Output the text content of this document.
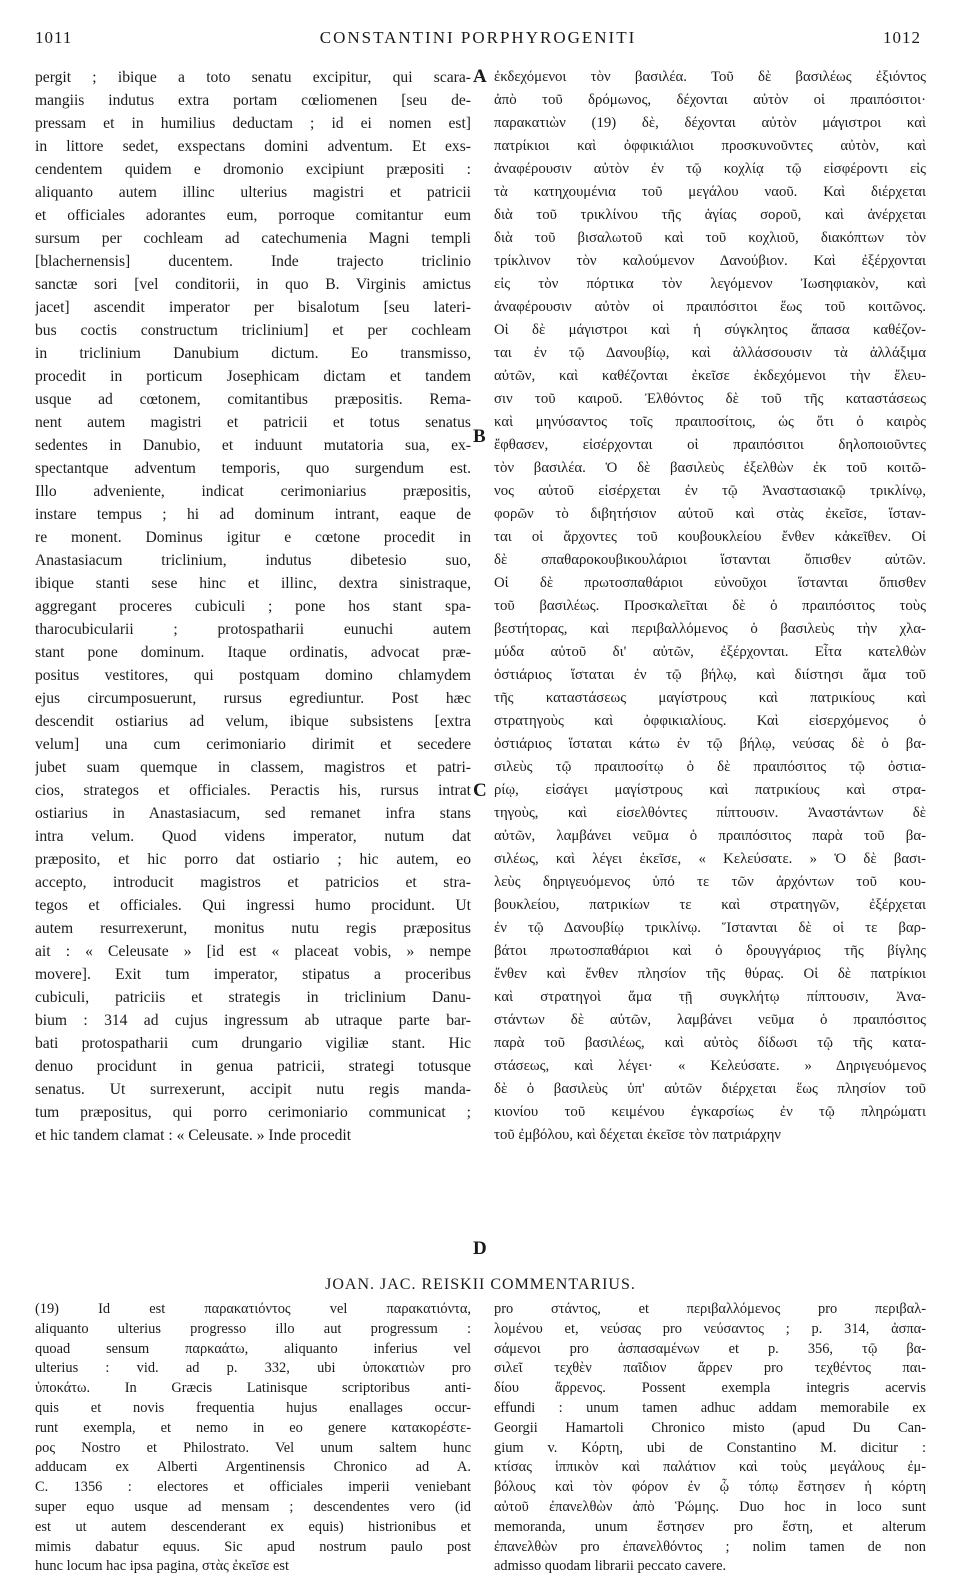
1011	CONSTANTINI PORPHYROGENITI	1012
pergit ; ibique a toto senatu excipitur, qui scara-
mangiis indutus extra portam cœliomenen [seu de-
pressam et in humilius deductam ; id ei nomen est]
in littore sedet, exspectans domini adventum. Et exs-
cendentem quidem e dromonio excipiunt præpositi :
aliquanto autem illinc ulterius magistri et patricii
et officiales adorantes eum, porroque comitantur eum
sursum per cochleam ad catechumenia Magni templi
[blachernensis] ducentem. Inde trajecto triclinio
sanctæ sori [vel conditorii, in quo B. Virginis amictus
jacet] ascendit imperator per bisalotum [seu lateri-
bus coctis constructum triclinium] et per cochleam
in triclinium Danubium dictum. Eo transmisso,
procedit in porticum Josephicam dictam et tandem
usque ad cœtonem, comitantibus præpositis. Rema-
nent autem magistri et patricii et totus senatus
sedentes in Danubio, et induunt mutatoria sua, ex-
spectantque adventum temporis, quo surgendum est.
Illo adveniente, indicat cerimoniarius præpositis,
instare tempus ; hi ad dominum intrant, eaque de
re monent. Dominus igitur e cœtone procedit in
Anastasiacum triclinium, indutus dibetesio suo,
ibique stanti sese hinc et illinc, dextra sinistraque,
aggregant proceres cubiculi ; pone hos stant spa-
tharocubicularii ; protospatharii eunuchi autem
stant pone dominum. Itaque ordinatis, advocat præ-
positus vestitores, qui postquam domino chlamydem
ejus circumposuerunt, rursus egrediuntur. Post hæc
descendit ostiarius ad velum, ibique subsistens [extra
velum] una cum cerimoniario dirimit et secedere
jubet suam quemque in classem, magistros et patri-
cios, strategos et officiales. Peractis his, rursus intrat
ostiarius in Anastasiacum, sed remanet infra stans
intra velum. Quod videns imperator, nutum dat
præposito, et hic porro dat ostiario ; hic autem, eo
accepto, introducit magistros et patricios et stra-
tegos et officiales. Qui ingressi humo procidunt. Ut
autem resurrexerunt, monitus nutu regis præpositus
ait : « Celeusate » [id est « placeat vobis, » nempe
movere]. Exit tum imperator, stipatus a proceribus
cubiculi, patriciis et strategis in triclinium Danu-
bium : 314 ad cujus ingressum ab utraque parte bar-
bati protospatharii cum drungario vigiliæ stant. Hic
denuo procidunt in genua patricii, strategi totusque
senatus. Ut surrexerunt, accipit nutu regis manda-
tum præpositus, qui porro cerimoniario communicat ;
et hic tandem clamat : « Celeusate. » Inde procedit
ἐκδεχόμενοι τὸν βασιλέα. Τοῦ δὲ βασιλέως ἐξιόντος
ἀπὸ τοῦ δρόμωνος, δέχονται αὐτὸν οἱ πραιπόσιτοι·
παρακατιὼν (19) δὲ, δέχονται αὐτὸν μάγιστροι καὶ
πατρίκιοι καὶ ὀφφικιάλιοι προσκυνοῦντες αὐτὸν, καὶ
ἀναφέρουσιν αὐτὸν ἐν τῷ κοχλίᾳ τῷ εἰσφέροντι εἰς
τὰ κατηχουμένια τοῦ μεγάλου ναοῦ. Καὶ διέρχεται
διὰ τοῦ τρικλίνου τῆς ἁγίας σοροῦ, καὶ ἀνέρχεται
διὰ τοῦ βισαλωτοῦ καὶ τοῦ κοχλιοῦ, διακόπτων τὸν
τρίκλινον τὸν καλούμενον Δανούβιον. Καὶ ἐξέρχονται
εἰς τὸν πόρτικα τὸν λεγόμενον Ἰωσηφιακὸν, καὶ
ἀναφέρουσιν αὐτὸν οἱ πραιπόσιτοι ἕως τοῦ κοιτῶνος.
Οἱ δὲ μάγιστροι καὶ ἡ σύγκλητος ἅπασα καθέζον-
ται ἐν τῷ Δανουβίῳ, καὶ ἀλλάσσουσιν τὰ ἀλλάξιμα
αὐτῶν, καὶ καθέζονται ἐκεῖσε ἐκδεχόμενοι τὴν ἔλευ-
σιν τοῦ καιροῦ. Ἐλθόντος δὲ τοῦ τῆς καταστάσεως
καὶ μηνύσαντος τοῖς πραιποσίτοις, ὡς ὅτι ὁ καιρὸς
ἔφθασεν, εἰσέρχονται οἱ πραιπόσιτοι δηλοποιοῦντες
τὸν βασιλέα. Ὁ δὲ βασιλεὺς ἐξελθὼν ἐκ τοῦ κοιτῶ-
νος αὐτοῦ εἰσέρχεται ἐν τῷ Ἀναστασιακῷ τρικλίνῳ,
φορῶν τὸ διβητήσιον αὐτοῦ καὶ στὰς ἐκεῖσε, ἵσταν-
ται οἱ ἄρχοντες τοῦ κουβουκλείου ἔνθεν κἀκεῖθεν. Οἱ
δὲ σπαθαροκουβικουλάριοι ἵστανται ὄπισθεν αὐτῶν.
Οἱ δὲ πρωτοσπαθάριοι εὐνοῦχοι ἵστανται ὄπισθεν
τοῦ βασιλέως. Προσκαλεῖται δὲ ὁ πραιπόσιτος τοὺς
βεστήτορας, καὶ περιβαλλόμενος ὁ βασιλεὺς τὴν χλα-
μύδα αὐτοῦ δι' αὐτῶν, ἐξέρχονται. Εἶτα κατελθὼν
ὀστιάριος ἵσταται ἐν τῷ βήλῳ, καὶ διίστησι ἅμα τοῦ
τῆς καταστάσεως μαγίστρους καὶ πατρικίους καὶ
στρατηγοὺς καὶ ὀφφικιαλίους. Καὶ εἰσερχόμενος ὁ
ὀστιάριος ἵσταται κάτω ἐν τῷ βήλῳ, νεύσας δὲ ὁ βα-
σιλεὺς τῷ πραιποσίτῳ ὁ δὲ πραιπόσιτος τῷ ὀστια-
ρίῳ, εἰσάγει μαγίστρους καὶ πατρικίους καὶ στρα-
τηγοὺς, καὶ εἰσελθόντες πίπτουσιν. Ἀναστάντων δὲ
αὐτῶν, λαμβάνει νεῦμα ὁ πραιπόσιτος παρὰ τοῦ βα-
σιλέως, καὶ λέγει ἐκεῖσε, « Κελεύσατε. » Ὁ δὲ βασι-
λεὺς δηριγευόμενος ὑπό τε τῶν ἀρχόντων τοῦ κου-
βουκλείου, πατρικίων τε καὶ στρατηγῶν, ἐξέρχεται
ἐν τῷ Δανουβίῳ τρικλίνῳ. Ἵστανται δὲ οἱ τε βαρ-
βάτοι πρωτοσπαθάριοι καὶ ὁ δρουγγάριος τῆς βίγλης
ἔνθεν καὶ ἔνθεν πλησίον τῆς θύρας. Οἱ δὲ πατρίκιοι
καὶ στρατηγοὶ ἅμα τῇ συγκλήτῳ πίπτουσιν, Ἀνα-
στάντων δὲ αὐτῶν, λαμβάνει νεῦμα ὁ πραιπόσιτος
παρὰ τοῦ βασιλέως, καὶ αὐτὸς δίδωσι τῷ τῆς κατα-
στάσεως, καὶ λέγει· « Κελεύσατε. » Δηριγευόμενος
δὲ ὁ βασιλεὺς ὑπ' αὐτῶν διέρχεται ἕως πλησίον τοῦ
κιονίου τοῦ κειμένου ἐγκαρσίως ἐν τῷ πληρώματι
τοῦ ἐμβόλου, καὶ δέχεται ἐκεῖσε τὸν πατριάρχην
A
B
C
D
JOAN. JAC. REISKII COMMENTARIUS.
(19) Id est παρακατιόντος vel παρακατιόντα,
aliquanto ulterius progresso illo aut progressum :
quoad sensum παρκαάτω, aliquanto inferius vel
ulterius : vid. ad p. 332, ubi ὑποκατιὼν pro
ὑποκάτω. In Græcis Latinisque scriptoribus anti-
quis et novis frequentia hujus enallages occur-
runt exempla, et nemo in eo genere κατακορέστε-
ρος Nostro et Philostrato. Vel unum saltem hunc
adducam ex Alberti Argentinensis Chronico ad A.
C. 1356 : electores et officiales imperii veniebant
super equo usque ad mensam ; descendentes vero (id
est ut autem descenderant ex equis) histrionibus et
mimis dabatur equus. Sic apud nostrum paulo post
hunc locum hac ipsa pagina, στὰς ἐκεῖσε est
pro στάντος, et περιβαλλόμενος pro περιβαλ-
λομένου et, νεύσας pro νεύσαντος ; p. 314, ἀσπα-
σάμενοι pro ἀσπασαμένων et p. 356, τῷ βα-
σιλεῖ τεχθὲν παῖδιον ἄρρεν pro τεχθέντος παι-
δίου ἄρρενος. Possent exempla integris acervis
effundi : unum tamen adhuc addam memorabile ex
Georgii Hamartoli Chronico misto (apud Du Can-
gium v. Κόρτη, ubi de Constantino M. dicitur :
κτίσας ἱππικὸν καὶ παλάτιον καὶ τοὺς μεγάλους ἐμ-
βόλους καὶ τὸν φόρον ἐν ᾧ τόπῳ ἔστησεν ἡ κόρτη
αὐτοῦ ἐπανελθὼν ἀπὸ Ῥώμης. Duo hoc in loco sunt
memoranda, unum ἔστησεν pro ἔστη, et alterum
ἐπανελθὼν pro ἐπανελθόντος ; nolim tamen de non
admisso quodam librarii peccato cavere.
